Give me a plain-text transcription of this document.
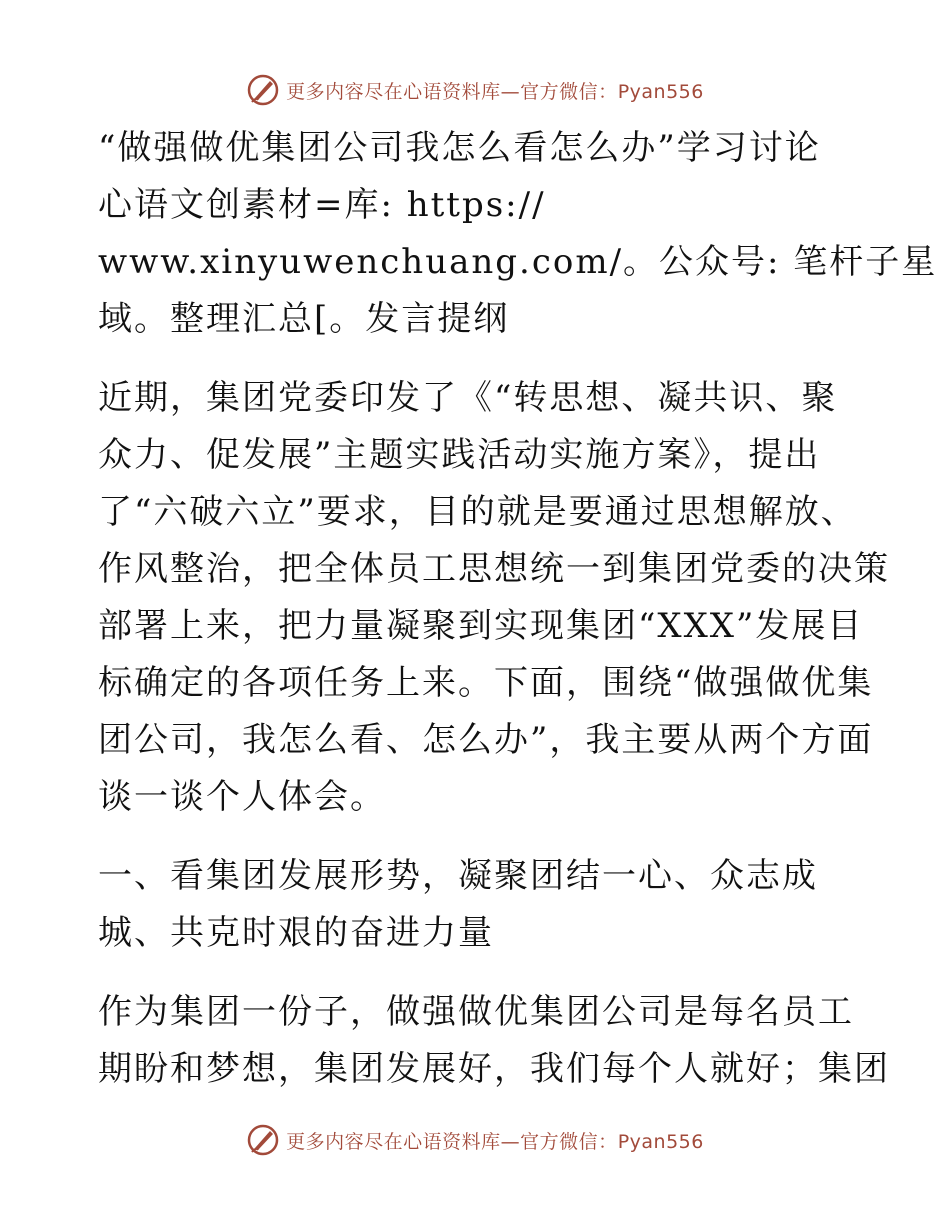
更多内容尽在心语资料库—官方微信：Pyan556

“做强做优集团公司我怎么看怎么办”学习讨论

心语文创素材=库: https://

www.xinyuwenchuang.com/。公众号: 笔杆子星

域。整理汇总[。发言提纲

近期，集团党委印发了《“转思想、凝共识、聚

众力、促发展”主题实践活动实施方案》，提出

了“六破六立”要求，目的就是要通过思想解放、

作风整治，把全体员工思想统一到集团党委的决策

部署上来，把力量凝聚到实现集团“XXX”发展目

标确定的各项任务上来。下面，围绕“做强做优集

团公司，我怎么看、怎么办”，我主要从两个方面

谈一谈个人体会。

一、看集团发展形势，凝聚团结一心、众志成

城、共克时艰的奋进力量

作为集团一份子，做强做优集团公司是每名员工

期盼和梦想，集团发展好，我们每个人就好；集团

更多内容尽在心语资料库—官方微信：Pyan556
